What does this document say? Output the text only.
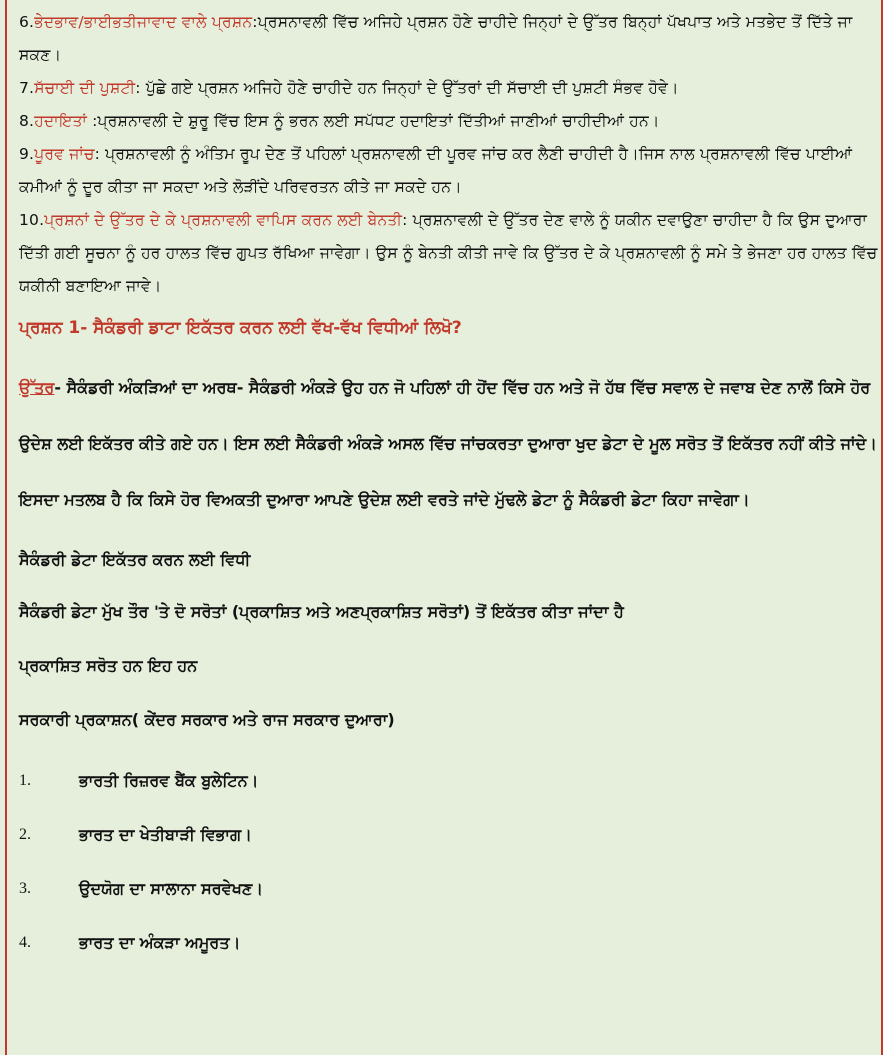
6.ਭੇਦਭਾਵ/ਭਾਈਭਤੀਜਾਵਾਦ ਵਾਲੇ ਪ੍ਰਸ਼ਨ:ਪ੍ਰਸਨਾਵਲੀ ਵਿੱਚ ਅਜਿਹੇ ਪ੍ਰਸ਼ਨ ਹੋਣੇ ਚਾਹੀਦੇ ਜਿਨ੍ਹਾਂ ਦੇ ਉੱਤਰ ਬਿਨ੍ਹਾਂ ਪੱਖਪਾਤ ਅਤੇ ਮਤਭੇਦ ਤੋਂ ਦਿੱਤੇ ਜਾ ਸਕਣ।

7.ਸੱਚਾਈ ਦੀ ਪੁਸ਼ਟੀ: ਪੁੱਛੇ ਗਏ ਪ੍ਰਸ਼ਨ ਅਜਿਹੇ ਹੋਣੇ ਚਾਹੀਦੇ ਹਨ ਜਿਨ੍ਹਾਂ ਦੇ ਉੱਤਰਾਂ ਦੀ ਸੱਚਾਈ ਦੀ ਪੁਸ਼ਟੀ ਸੰਭਵ ਹੋਵੇ।

8.ਹਦਾਇਤਾਂ :ਪ੍ਰਸ਼ਨਾਵਲੀ ਦੇ ਸ਼ੁਰੂ ਵਿੱਚ ਇਸ ਨੂੰ ਭਰਨ ਲਈ ਸਪੱਧਟ ਹਦਾਇਤਾਂ ਦਿੱਤੀਆਂ ਜਾਣੀਆਂ ਚਾਹੀਦੀਆਂ ਹਨ।

9.ਪੂਰਵ ਜਾਂਚ: ਪ੍ਰਸ਼ਨਾਵਲੀ ਨੂੰ ਅੰਤਿਮ ਰੂਪ ਦੇਣ ਤੋਂ ਪਹਿਲਾਂ ਪ੍ਰਸ਼ਨਾਵਲੀ ਦੀ ਪੂਰਵ ਜਾਂਚ ਕਰ ਲੈਣੀ ਚਾਹੀਦੀ ਹੈ।ਜਿਸ ਨਾਲ ਪ੍ਰਸ਼ਨਾਵਲੀ ਵਿੱਚ ਪਾਈਆਂ ਕਮੀਆਂ ਨੂੰ ਦੂਰ ਕੀਤਾ ਜਾ ਸਕਦਾ ਅਤੇ ਲੋੜੀਂਦੇ ਪਰਿਵਰਤਨ ਕੀਤੇ ਜਾ ਸਕਦੇ ਹਨ।

10.ਪ੍ਰਸ਼ਨਾਂ ਦੇ ਉੱਤਰ ਦੇ ਕੇ ਪ੍ਰਸ਼ਨਾਵਲੀ ਵਾਪਿਸ ਕਰਨ ਲਈ ਬੇਨਤੀ: ਪ੍ਰਸ਼ਨਾਵਲੀ ਦੇ ਉੱਤਰ ਦੇਣ ਵਾਲੇ ਨੂੰ ਯਕੀਨ ਦਵਾਉਣਾ ਚਾਹੀਦਾ ਹੈ ਕਿ ਉਸ ਦੁਆਰਾ ਦਿੱਤੀ ਗਈ ਸੂਚਨਾ ਨੂੰ ਹਰ ਹਾਲਤ ਵਿੱਚ ਗੁਪਤ ਰੱਖਿਆ ਜਾਵੇਗਾ। ਉਸ ਨੂੰ ਬੇਨਤੀ ਕੀਤੀ ਜਾਵੇ ਕਿ ਉੱਤਰ ਦੇ ਕੇ ਪ੍ਰਸ਼ਨਾਵਲੀ ਨੂੰ ਸਮੇ ਤੇ ਭੇਜਣਾ ਹਰ ਹਾਲਤ ਵਿੱਚ ਯਕੀਨੀ ਬਣਾਇਆ ਜਾਵੇ।

ਪ੍ਰਸ਼ਨ 1- ਸੈਕੰਡਰੀ ਡਾਟਾ ਇਕੱਤਰ ਕਰਨ ਲਈ ਵੱਖ-ਵੱਖ ਵਿਧੀਆਂ ਲਿਖੋ?

ਉੱਤਰ- ਸੈਕੰਡਰੀ ਅੰਕੜਿਆਂ ਦਾ ਅਰਥ- ਸੈਕੰਡਰੀ ਅੰਕੜੇ ਉਹ ਹਨ ਜੋ ਪਹਿਲਾਂ ਹੀ ਹੋਂਦ ਵਿੱਚ ਹਨ ਅਤੇ ਜੋ ਹੱਥ ਵਿੱਚ ਸਵਾਲ ਦੇ ਜਵਾਬ ਦੇਣ ਨਾਲੋਂ ਕਿਸੇ ਹੋਰ ਉਦੇਸ਼ ਲਈ ਇਕੱਤਰ ਕੀਤੇ ਗਏ ਹਨ। ਇਸ ਲਈ ਸੈਕੰਡਰੀ ਅੰਕੜੇ ਅਸਲ ਵਿੱਚ ਜਾਂਚਕਰਤਾ ਦੁਆਰਾ ਖੁਦ ਡੇਟਾ ਦੇ ਮੂਲ ਸਰੋਤ ਤੋਂ ਇਕੱਤਰ ਨਹੀਂ ਕੀਤੇ ਜਾਂਦੇ। ਇਸਦਾ ਮਤਲਬ ਹੈ ਕਿ ਕਿਸੇ ਹੋਰ ਵਿਅਕਤੀ ਦੁਆਰਾ ਆਪਣੇ ਉਦੇਸ਼ ਲਈ ਵਰਤੇ ਜਾਂਦੇ ਮੁੱਢਲੇ ਡੇਟਾ ਨੂੰ ਸੈਕੰਡਰੀ ਡੇਟਾ ਕਿਹਾ ਜਾਵੇਗਾ।

ਸੈਕੰਡਰੀ ਡੇਟਾ ਇਕੱਤਰ ਕਰਨ ਲਈ ਵਿਧੀ

ਸੈਕੰਡਰੀ ਡੇਟਾ ਮੁੱਖ ਤੌਰ 'ਤੇ ਦੋ ਸਰੋਤਾਂ (ਪ੍ਰਕਾਸ਼ਿਤ ਅਤੇ ਅਣਪ੍ਰਕਾਸ਼ਿਤ ਸਰੋਤਾਂ) ਤੋਂ ਇਕੱਤਰ ਕੀਤਾ ਜਾਂਦਾ ਹੈ

ਪ੍ਰਕਾਸ਼ਿਤ ਸਰੋਤ ਹਨ ਇਹ ਹਨ

ਸਰਕਾਰੀ ਪ੍ਰਕਾਸ਼ਨ( ਕੇਂਦਰ ਸਰਕਾਰ ਅਤੇ ਰਾਜ ਸਰਕਾਰ ਦੁਆਰਾ)

1.	ਭਾਰਤੀ ਰਿਜ਼ਰਵ ਬੈਂਕ ਬੁਲੇਟਿਨ।
2.	ਭਾਰਤ ਦਾ ਖੇਤੀਬਾੜੀ ਵਿਭਾਗ।
3.	ਉਦਯੋਗ ਦਾ ਸਾਲਾਨਾ ਸਰਵੇਖਣ।
4.	ਭਾਰਤ ਦਾ ਅੰਕੜਾ ਅਮੂਰਤ।
